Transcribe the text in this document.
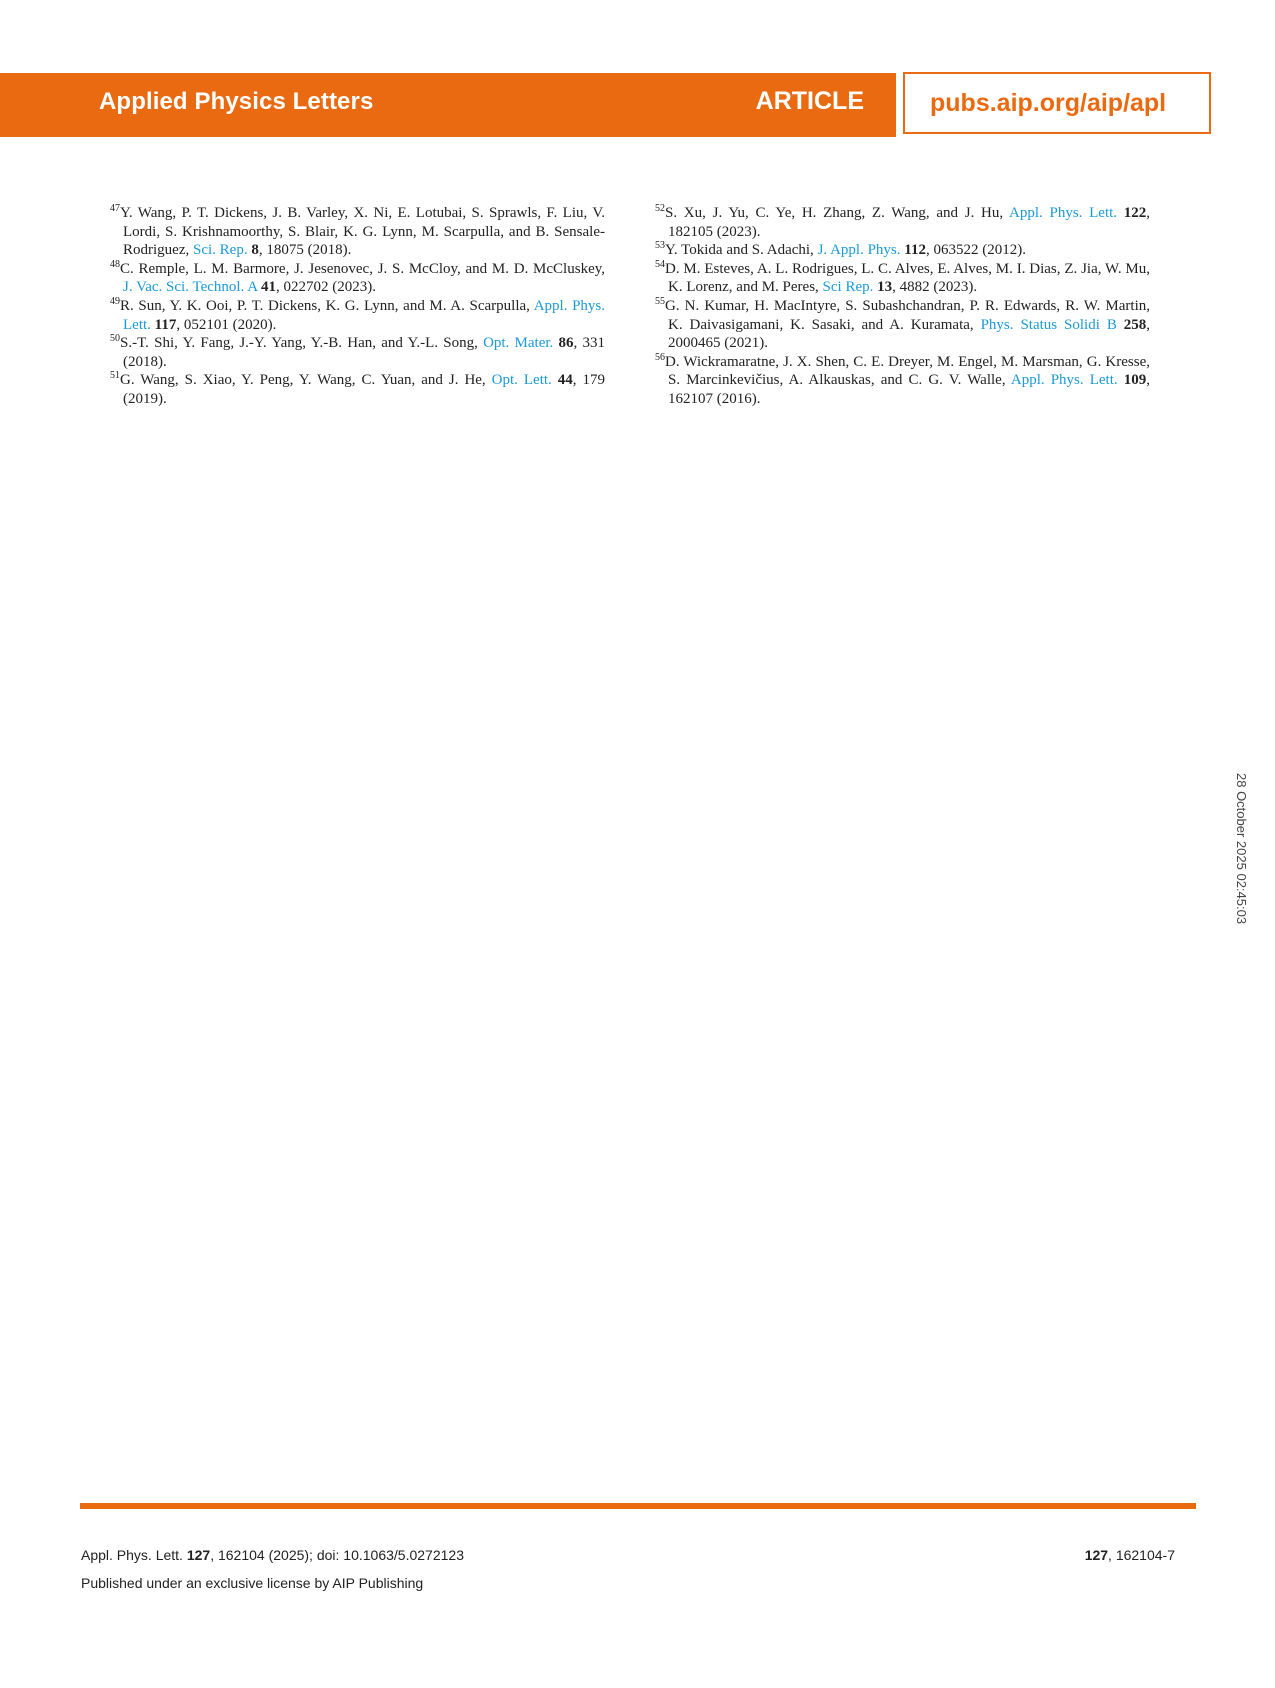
Applied Physics Letters	ARTICLE	pubs.aip.org/aip/apl
$^{47}$Y. Wang, P. T. Dickens, J. B. Varley, X. Ni, E. Lotubai, S. Sprawls, F. Liu, V. Lordi, S. Krishnamoorthy, S. Blair, K. G. Lynn, M. Scarpulla, and B. Sensale-Rodriguez, Sci. Rep. 8, 18075 (2018).
$^{48}$C. Remple, L. M. Barmore, J. Jesenovec, J. S. McCloy, and M. D. McCluskey, J. Vac. Sci. Technol. A 41, 022702 (2023).
$^{49}$R. Sun, Y. K. Ooi, P. T. Dickens, K. G. Lynn, and M. A. Scarpulla, Appl. Phys. Lett. 117, 052101 (2020).
$^{50}$S.-T. Shi, Y. Fang, J.-Y. Yang, Y.-B. Han, and Y.-L. Song, Opt. Mater. 86, 331 (2018).
$^{51}$G. Wang, S. Xiao, Y. Peng, Y. Wang, C. Yuan, and J. He, Opt. Lett. 44, 179 (2019).
$^{52}$S. Xu, J. Yu, C. Ye, H. Zhang, Z. Wang, and J. Hu, Appl. Phys. Lett. 122, 182105 (2023).
$^{53}$Y. Tokida and S. Adachi, J. Appl. Phys. 112, 063522 (2012).
$^{54}$D. M. Esteves, A. L. Rodrigues, L. C. Alves, E. Alves, M. I. Dias, Z. Jia, W. Mu, K. Lorenz, and M. Peres, Sci Rep. 13, 4882 (2023).
$^{55}$G. N. Kumar, H. MacIntyre, S. Subashchandran, P. R. Edwards, R. W. Martin, K. Daivasigamani, K. Sasaki, and A. Kuramata, Phys. Status Solidi B 258, 2000465 (2021).
$^{56}$D. Wickramaratne, J. X. Shen, C. E. Dreyer, M. Engel, M. Marsman, G. Kresse, S. Marcinkevičius, A. Alkauskas, and C. G. V. Walle, Appl. Phys. Lett. 109, 162107 (2016).
28 October 2025 02:45:03
Appl. Phys. Lett. 127, 162104 (2025); doi: 10.1063/5.0272123
Published under an exclusive license by AIP Publishing
127, 162104-7
